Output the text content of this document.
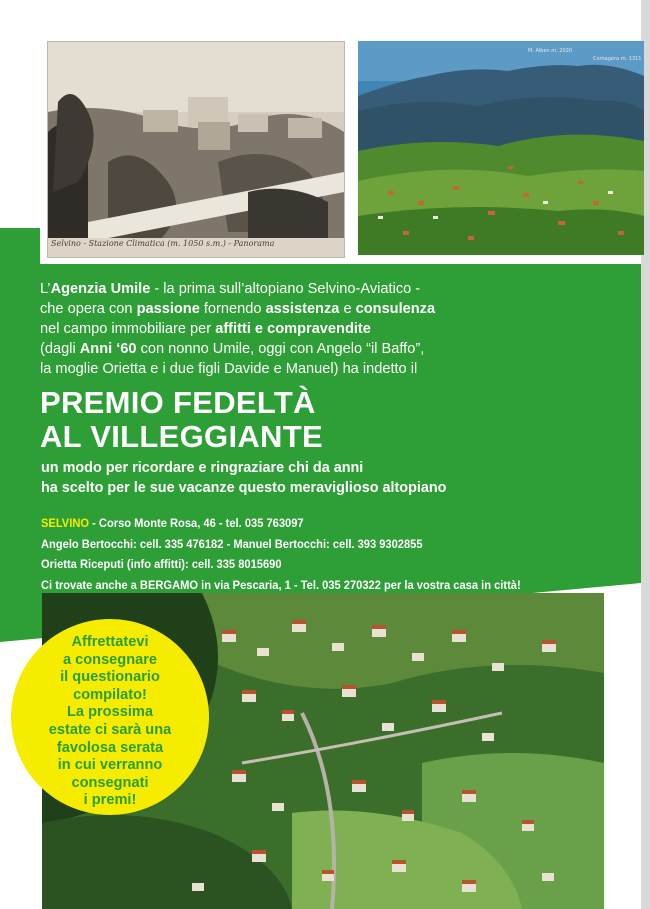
Selvino - Stazione Climatica (m. 1050 s.m.) - Panorama
M. Alben m. 2020
Cornagera m. 1311
L’Agenzia Umile - la prima sull’altopiano Selvino-Aviatico -
che opera con passione fornendo assistenza e consulenza
nel campo immobiliare per affitti e compravendite
(dagli Anni ‘60 con nonno Umile, oggi con Angelo “il Baffo”,
la moglie Orietta e i due figli Davide e Manuel) ha indetto il
PREMIO FEDELTÀ
AL VILLEGGIANTE
un modo per ricordare e ringraziare chi da anni
ha scelto per le sue vacanze questo meraviglioso altopiano
SELVINO - Corso Monte Rosa, 46 - tel. 035 763097
Angelo Bertocchi: cell. 335 476182 - Manuel Bertocchi: cell. 393 9302855
Orietta Riceputi (info affitti): cell. 335 8015690
Ci trovate anche a BERGAMO in via Pescaria, 1 - Tel. 035 270322 per la vostra casa in città!
Affrettatevi
a consegnare
il questionario
compilato!
La prossima
estate ci sarà una
favolosa serata
in cui verranno
consegnati
i premi!
